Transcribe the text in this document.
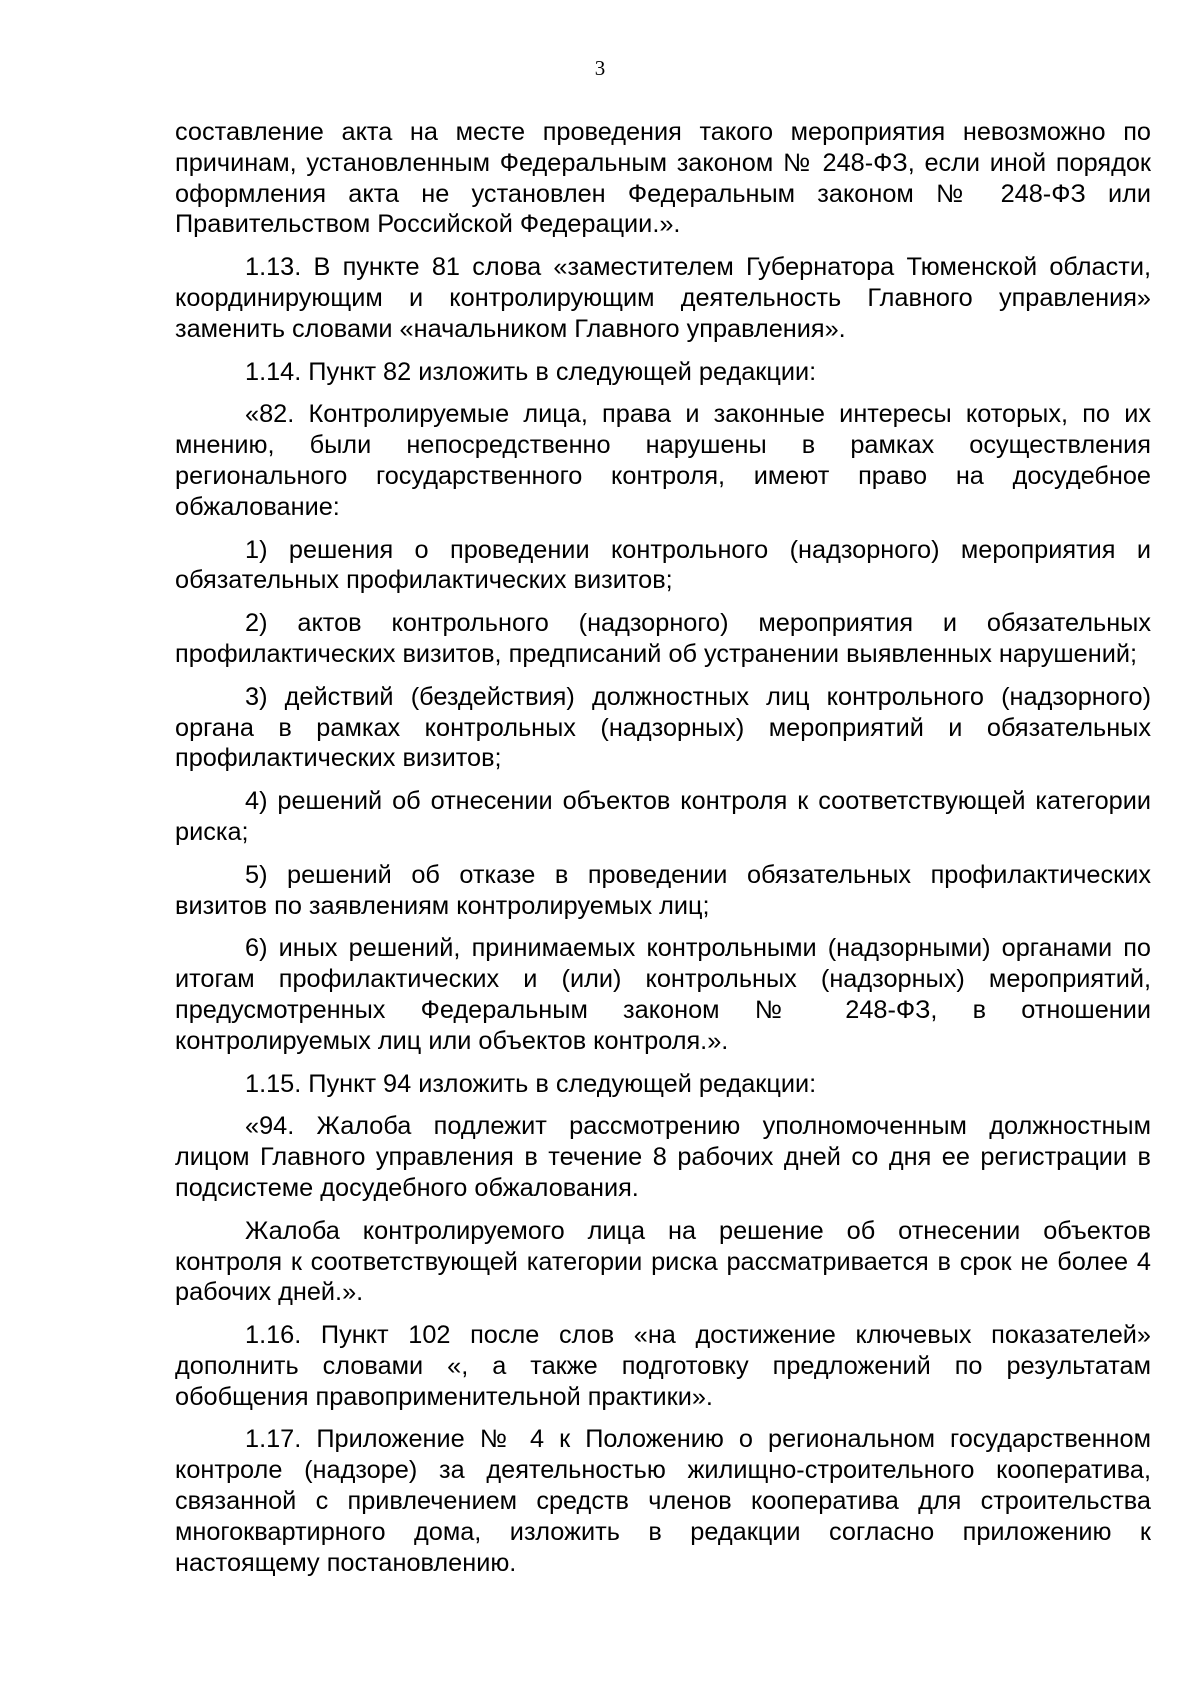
3

составление акта на месте проведения такого мероприятия невозможно по причинам, установленным Федеральным законом № 248-ФЗ, если иной порядок оформления акта не установлен Федеральным законом № 248-ФЗ или Правительством Российской Федерации.».

1.13. В пункте 81 слова «заместителем Губернатора Тюменской области, координирующим и контролирующим деятельность Главного управления» заменить словами «начальником Главного управления».

1.14. Пункт 82 изложить в следующей редакции:

«82. Контролируемые лица, права и законные интересы которых, по их мнению, были непосредственно нарушены в рамках осуществления регионального государственного контроля, имеют право на досудебное обжалование:

1) решения о проведении контрольного (надзорного) мероприятия и обязательных профилактических визитов;

2) актов контрольного (надзорного) мероприятия и обязательных профилактических визитов, предписаний об устранении выявленных нарушений;

3) действий (бездействия) должностных лиц контрольного (надзорного) органа в рамках контрольных (надзорных) мероприятий и обязательных профилактических визитов;

4) решений об отнесении объектов контроля к соответствующей категории риска;

5) решений об отказе в проведении обязательных профилактических визитов по заявлениям контролируемых лиц;

6) иных решений, принимаемых контрольными (надзорными) органами по итогам профилактических и (или) контрольных (надзорных) мероприятий, предусмотренных Федеральным законом № 248-ФЗ, в отношении контролируемых лиц или объектов контроля.».

1.15. Пункт 94 изложить в следующей редакции:

«94. Жалоба подлежит рассмотрению уполномоченным должностным лицом Главного управления в течение 8 рабочих дней со дня ее регистрации в подсистеме досудебного обжалования.

Жалоба контролируемого лица на решение об отнесении объектов контроля к соответствующей категории риска рассматривается в срок не более 4 рабочих дней.».

1.16. Пункт 102 после слов «на достижение ключевых показателей» дополнить словами «, а также подготовку предложений по результатам обобщения правоприменительной практики».

1.17. Приложение № 4 к Положению о региональном государственном контроле (надзоре) за деятельностью жилищно-строительного кооператива, связанной с привлечением средств членов кооператива для строительства многоквартирного дома, изложить в редакции согласно приложению к настоящему постановлению.
